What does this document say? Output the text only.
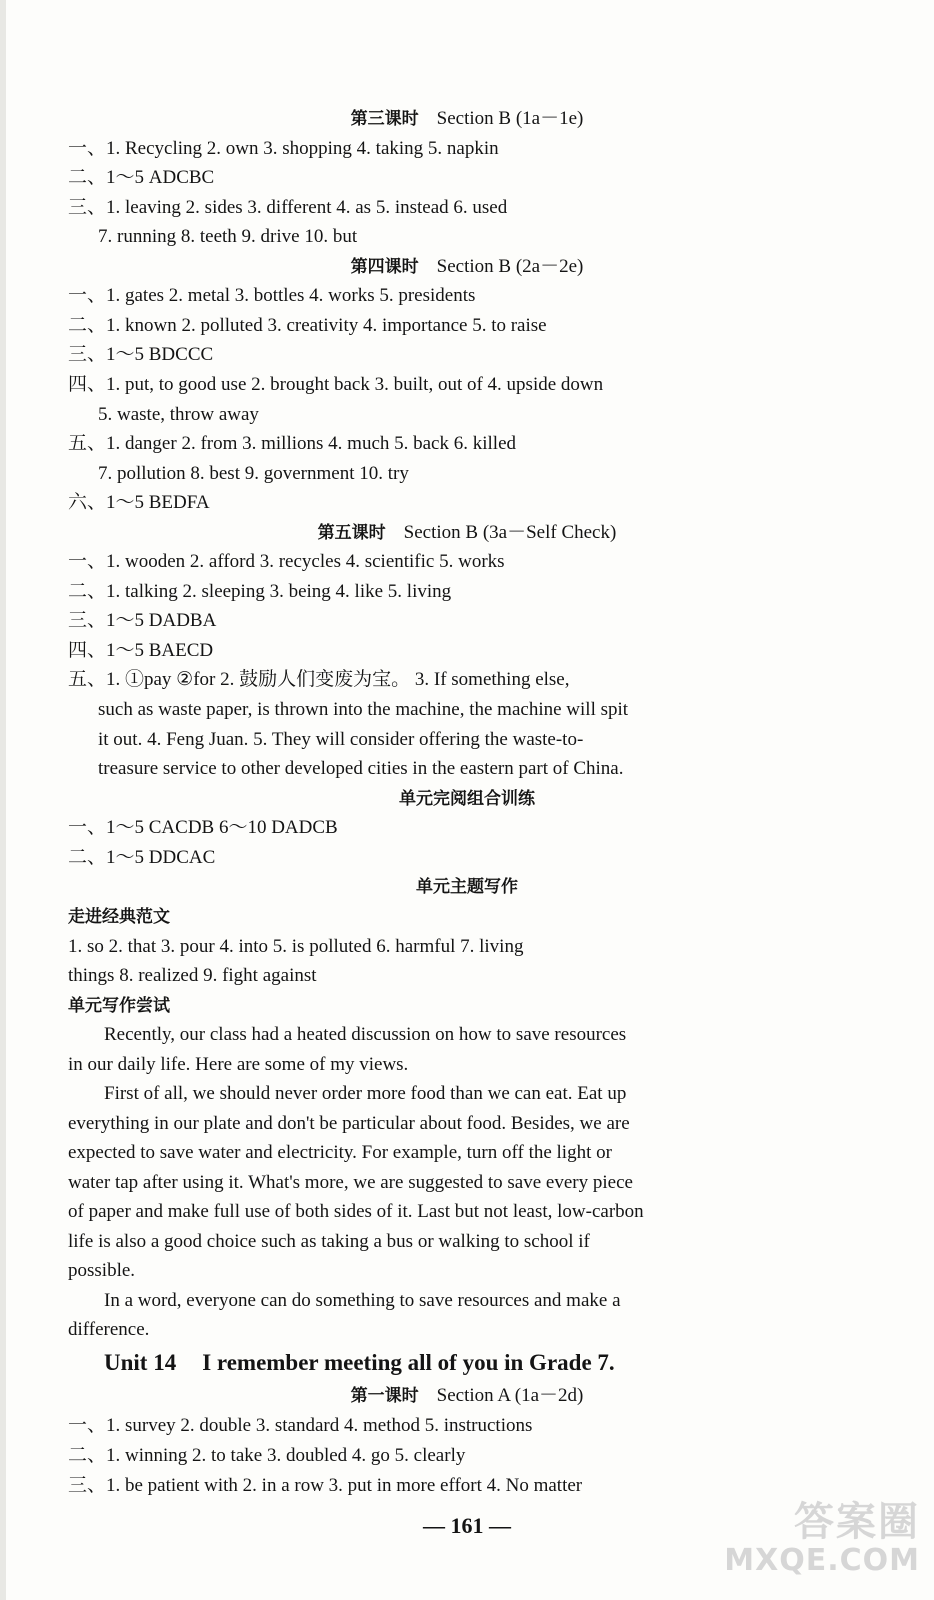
第三课时 Section B (1a－1e)
一、1. Recycling 2. own 3. shopping 4. taking 5. napkin
二、1～5 ADCBC
三、1. leaving 2. sides 3. different 4. as 5. instead 6. used
7. running 8. teeth 9. drive 10. but
第四课时 Section B (2a－2e)
一、1. gates 2. metal 3. bottles 4. works 5. presidents
二、1. known 2. polluted 3. creativity 4. importance 5. to raise
三、1～5 BDCCC
四、1. put, to good use 2. brought back 3. built, out of 4. upside down
5. waste, throw away
五、1. danger 2. from 3. millions 4. much 5. back 6. killed
7. pollution 8. best 9. government 10. try
六、1～5 BEDFA
第五课时 Section B (3a－Self Check)
一、1. wooden 2. afford 3. recycles 4. scientific 5. works
二、1. talking 2. sleeping 3. being 4. like 5. living
三、1～5 DADBA
四、1～5 BAECD
五、1. ①pay ②for 2. 鼓励人们变废为宝。 3. If something else,
such as waste paper, is thrown into the machine, the machine will spit
it out. 4. Feng Juan. 5. They will consider offering the waste-to-
treasure service to other developed cities in the eastern part of China.
单元完阅组合训练
一、1～5 CACDB 6～10 DADCB
二、1～5 DDCAC
单元主题写作
走进经典范文
1. so 2. that 3. pour 4. into 5. is polluted 6. harmful 7. living
things 8. realized 9. fight against
单元写作尝试
Recently, our class had a heated discussion on how to save resources
in our daily life. Here are some of my views.
First of all, we should never order more food than we can eat. Eat up
everything in our plate and don't be particular about food. Besides, we are
expected to save water and electricity. For example, turn off the light or
water tap after using it. What's more, we are suggested to save every piece
of paper and make full use of both sides of it. Last but not least, low-carbon
life is also a good choice such as taking a bus or walking to school if
possible.
In a word, everyone can do something to save resources and make a
difference.
Unit 14 I remember meeting all of you in Grade 7.
第一课时 Section A (1a－2d)
一、1. survey 2. double 3. standard 4. method 5. instructions
二、1. winning 2. to take 3. doubled 4. go 5. clearly
三、1. be patient with 2. in a row 3. put in more effort 4. No matter
— 161 —	答案圈
MXQE.COM
